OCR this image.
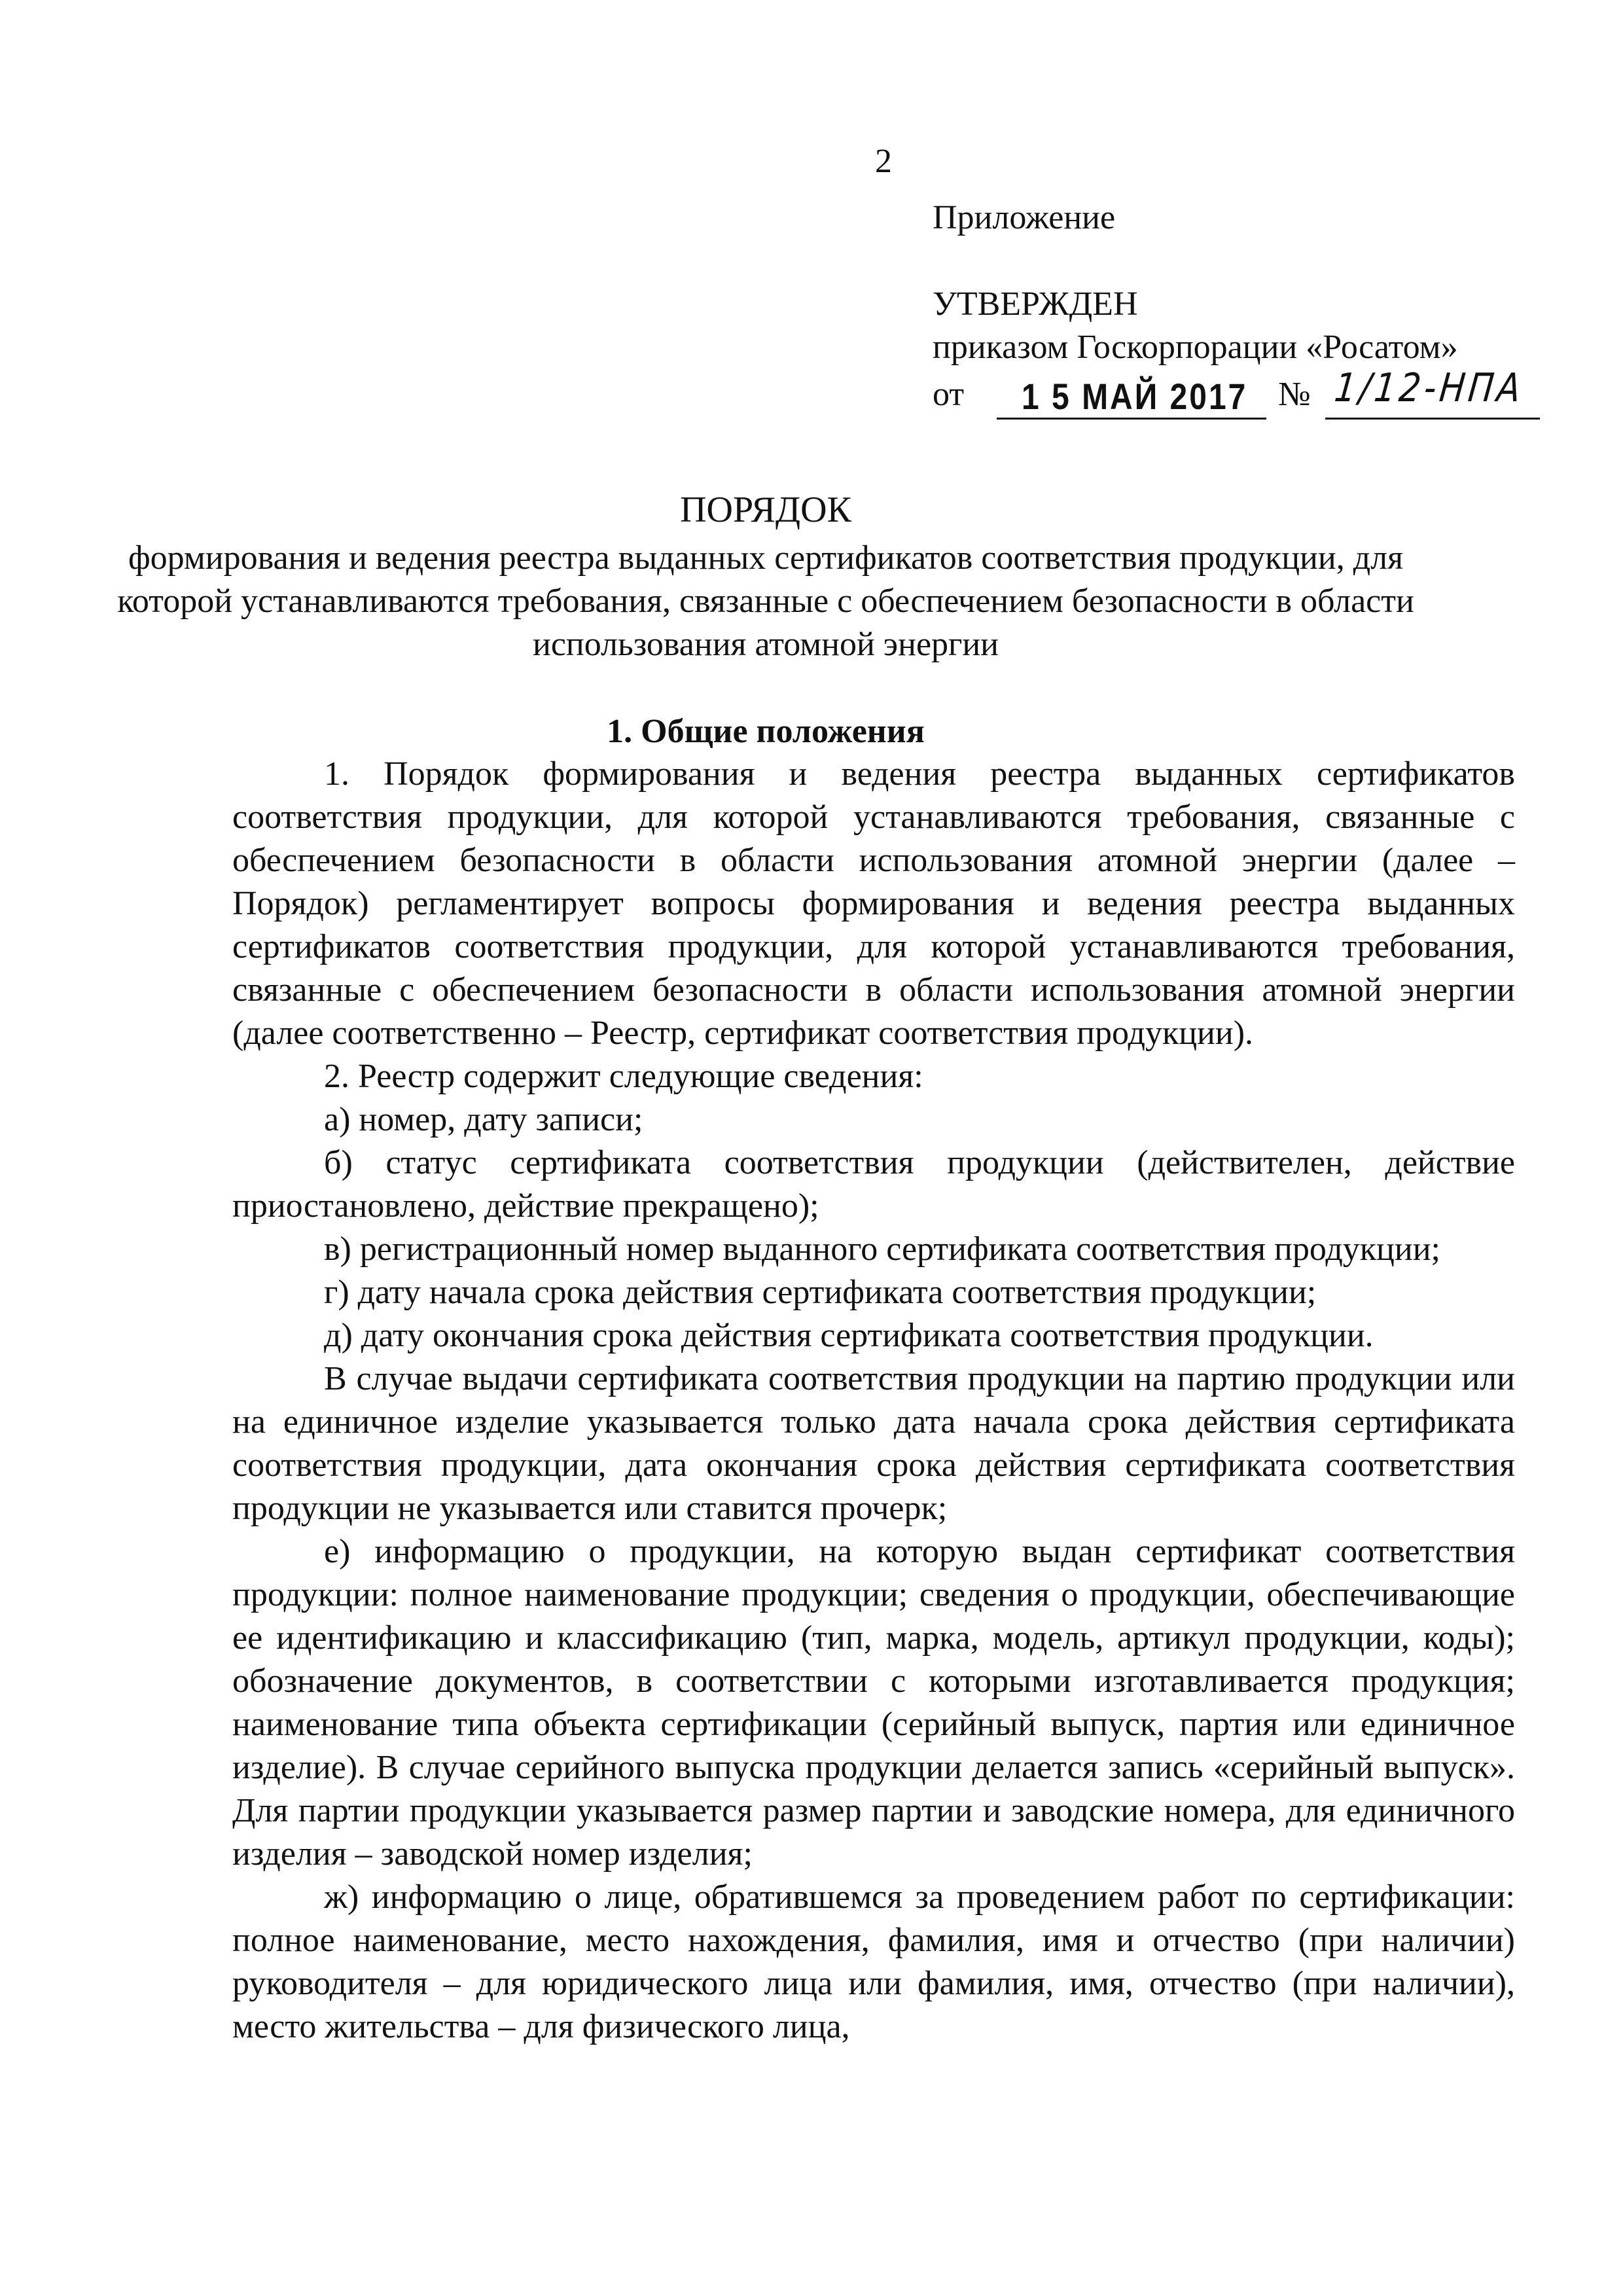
2
Приложение
УТВЕРЖДЕН
приказом Госкорпорации «Росатом»
от 1 5 МАЙ 2017 № 1/12-НПА
ПОРЯДОК
формирования и ведения реестра выданных сертификатов соответствия продукции, для которой устанавливаются требования, связанные с обеспечением безопасности в области использования атомной энергии
1. Общие положения

1. Порядок формирования и ведения реестра выданных сертификатов соответствия продукции, для которой устанавливаются требования, связанные с обеспечением безопасности в области использования атомной энергии (далее – Порядок) регламентирует вопросы формирования и ведения реестра выданных сертификатов соответствия продукции, для которой устанавливаются требования, связанные с обеспечением безопасности в области использования атомной энергии (далее соответственно – Реестр, сертификат соответствия продукции).

2. Реестр содержит следующие сведения:

а) номер, дату записи;

б) статус сертификата соответствия продукции (действителен, действие приостановлено, действие прекращено);

в) регистрационный номер выданного сертификата соответствия продукции;

г) дату начала срока действия сертификата соответствия продукции;

д) дату окончания срока действия сертификата соответствия продукции.

В случае выдачи сертификата соответствия продукции на партию продукции или на единичное изделие указывается только дата начала срока действия сертификата соответствия продукции, дата окончания срока действия сертификата соответствия продукции не указывается или ставится прочерк;

е) информацию о продукции, на которую выдан сертификат соответствия продукции: полное наименование продукции; сведения о продукции, обеспечивающие ее идентификацию и классификацию (тип, марка, модель, артикул продукции, коды); обозначение документов, в соответствии с которыми изготавливается продукция; наименование типа объекта сертификации (серийный выпуск, партия или единичное изделие). В случае серийного выпуска продукции делается запись «серийный выпуск». Для партии продукции указывается размер партии и заводские номера, для единичного изделия – заводской номер изделия;

ж) информацию о лице, обратившемся за проведением работ по сертификации: полное наименование, место нахождения, фамилия, имя и отчество (при наличии) руководителя – для юридического лица или фамилия, имя, отчество (при наличии), место жительства – для физического лица,
